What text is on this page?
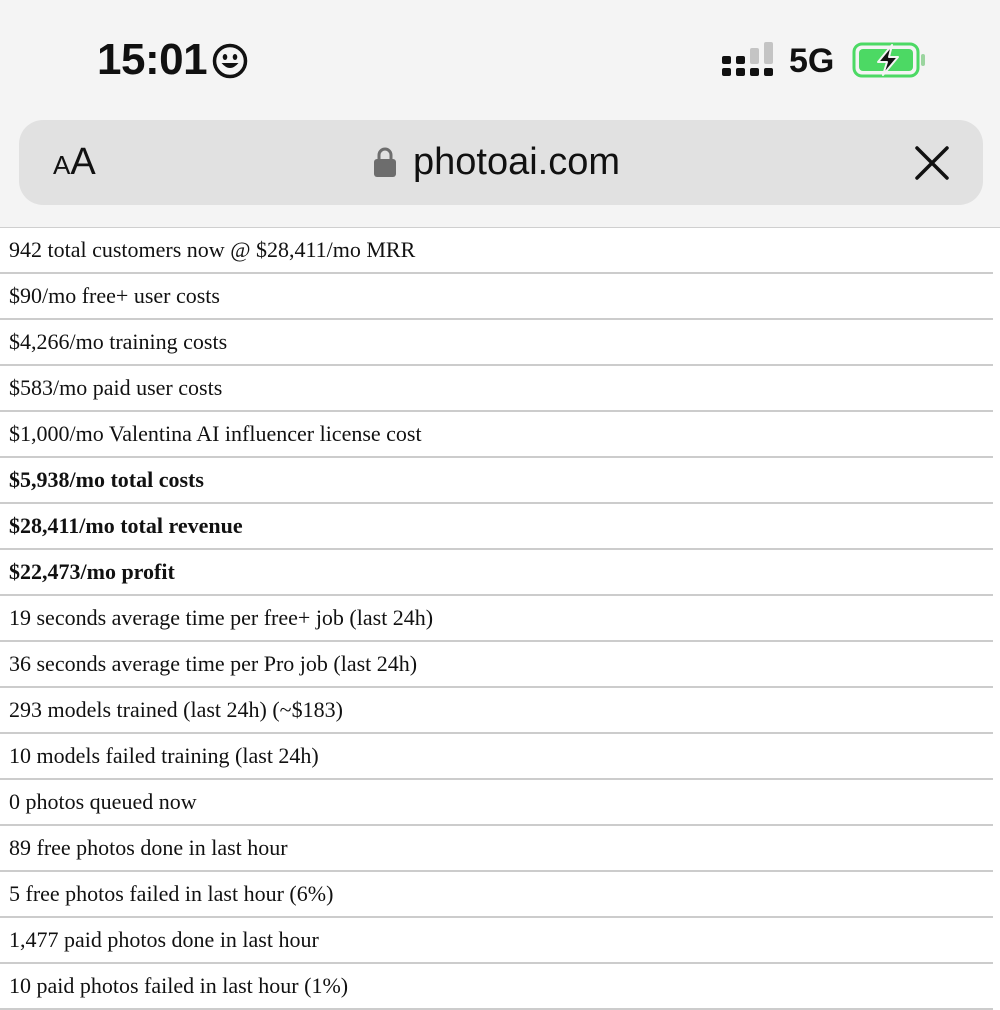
15:01	5G
AA	photoai.com
942 total customers now @ $28,411/mo MRR
$90/mo free+ user costs
$4,266/mo training costs
$583/mo paid user costs
$1,000/mo Valentina AI influencer license cost
$5,938/mo total costs
$28,411/mo total revenue
$22,473/mo profit
19 seconds average time per free+ job (last 24h)
36 seconds average time per Pro job (last 24h)
293 models trained (last 24h) (~$183)
10 models failed training (last 24h)
0 photos queued now
89 free photos done in last hour
5 free photos failed in last hour (6%)
1,477 paid photos done in last hour
10 paid photos failed in last hour (1%)
